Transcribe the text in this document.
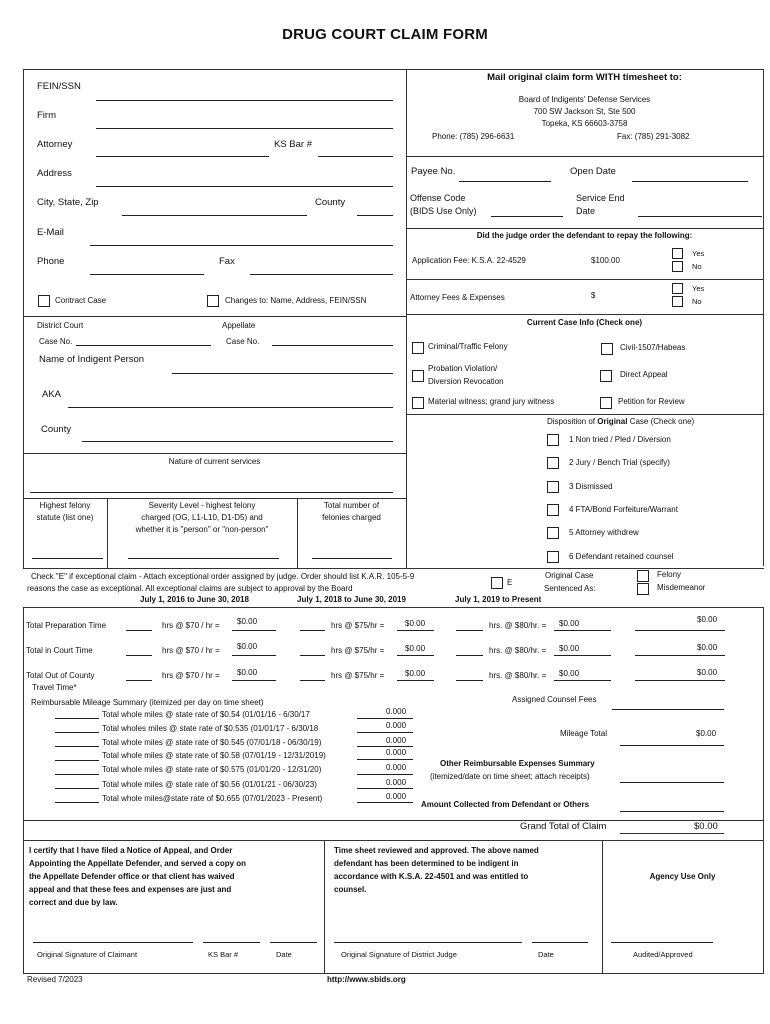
DRUG COURT CLAIM FORM
FEIN/SSN
Firm
Attorney	KS Bar #
Address
City, State, Zip	County
E-Mail
Phone	Fax
Contract Case	Changes to: Name, Address, FEIN/SSN
District Court
Case No.
Appellate
Case No.
Name of Indigent Person
AKA
County
Nature of current services
Highest felony
statute (list one)
Severity Level - highest felony
charged (OG, L1-L10, D1-D5) and
whether it is "person" or "non-person"
Total number of
felonies charged
Mail original claim form WITH timesheet to:
Board of Indigents' Defense Services
700 SW Jackson St, Ste 500
Topeka, KS 66603-3758
Phone: (785) 296-6631	Fax: (785) 291-3082
Payee No.	Open Date
Offense Code
(BIDS Use Only)
Service End
Date
Did the judge order the defendant to repay the following:
Application Fee: K.S.A. 22-4529	$100.00
Yes
No
Attorney Fees & Expenses	$
Yes
No
Current Case Info (Check one)
Criminal/Traffic Felony	Civil-1507/Habeas
Probation Violation/
Diversion Revocation
Direct Appeal
Material witness; grand jury witness	Petition for Review
Disposition of Original Case (Check one)
1 Non tried / Pled / Diversion
2 Jury / Bench Trial (specify)
3 Dismissed
4 FTA/Bond Forfeiture/Warrant
5 Attorney withdrew
6 Defendant retained counsel
Check "E" if exceptional claim - Attach exceptional order assigned by judge. Order should list K.A.R. 105-5-9
reasons the case as exceptional. All exceptional claims are subject to approval by the Board
E
Original Case
Sentenced As:
Felony
Misdemeanor
July 1, 2016 to June 30, 2018	July 1, 2018 to June 30, 2019	July 1, 2019 to Present
Total Preparation Time	hrs @ $70 / hr = $0.00	hrs @ $75/hr =	$0.00	hrs. @ $80/hr. = $0.00	$0.00
Total in Court Time	hrs @ $70 / hr = $0.00	hrs @ $75/hr =	$0.00	hrs. @ $80/hr. = $0.00	$0.00
Total Out of County
Travel Time*
hrs @ $70 / hr = $0.00	hrs @ $75/hr =	$0.00	hrs. @ $80/hr. = $0.00	$0.00
Reimbursable Mileage Summary (itemized per day on time sheet)
Total whole miles @ state rate of $0.54 (01/01/16 - 6/30/17	0.000
Total wholes miles @ state rate of $0.535 (01/01/17 - 6/30/18	0.000
Total whole miles @ state rate of $0.545 (07/01/18 - 06/30/19)	0.000
Total whole miles @ state rate of $0.58 (07/01/19 - 12/31/2019)	0.000
Total whole miles @ state rate of $0.575 (01/01/20 - 12/31/20)	0.000
Total whole miles @ state rate of $0.56 (01/01/21 - 06/30/23)	0.000
Total whole miles@state rate of $0.655 (07/01/2023 - Present)	0.000
Assigned Counsel Fees
Mileage Total	$0.00
Other Reimbursable Expenses Summary
(itemized/date on time sheet; attach receipts)
Amount Collected from Defendant or Others
Grand Total of Claim	$0.00
I certify that I have filed a Notice of Appeal, and Order
Appointing the Appellate Defender, and served a copy on
the Appellate Defender office or that client has waived
appeal and that these fees and expenses are just and
correct and due by law.
Time sheet reviewed and approved. The above named
defendant has been determined to be indigent in
accordance with K.S.A. 22-4501 and was entitled to
counsel.
Agency Use Only
Original Signature of Claimant	KS Bar #	Date	Original Signature of District Judge	Date	Audited/Approved
Revised 7/2023	http://www.sbids.org
